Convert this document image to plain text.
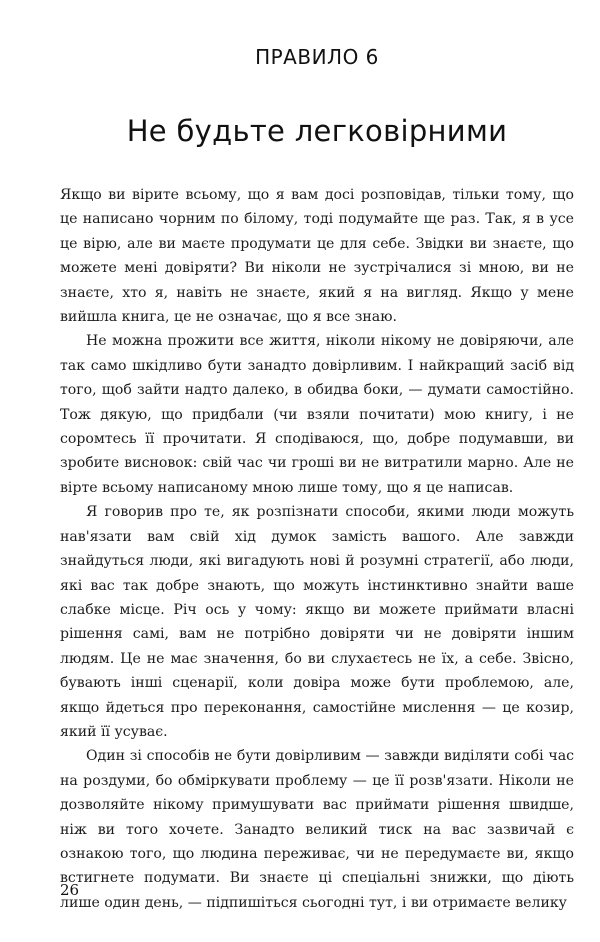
ПРАВИЛО 6
Не будьте легковірними

Якщо ви вірите всьому, що я вам досі розповідав, тільки тому, що це написано чорним по білому, тоді подумайте ще раз. Так, я в усе це вірю, але ви маєте продумати це для себе. Звідки ви знаєте, що можете мені довіряти? Ви ніколи не зустрічалися зі мною, ви не знаєте, хто я, навіть не знаєте, який я на вигляд. Якщо у мене вийшла книга, це не означає, що я все знаю.

Не можна прожити все життя, ніколи нікому не довіряючи, але так само шкідливо бути занадто довірливим. І найкращий засіб від того, щоб зайти надто далеко, в обидва боки, — думати самостійно. Тож дякую, що придбали (чи взяли почитати) мою книгу, і не соромтесь її прочитати. Я сподіваюся, що, добре подумавши, ви зробите висновок: свій час чи гроші ви не витратили марно. Але не вірте всьому написаному мною лише тому, що я це написав.

Я говорив про те, як розпізнати способи, якими люди можуть нав'язати вам свій хід думок замість вашого. Але завжди знайдуться люди, які вигадують нові й розумні стратегії, або люди, які вас так добре знають, що можуть інстинктивно знайти ваше слабке місце. Річ ось у чому: якщо ви можете приймати власні рішення самі, вам не потрібно довіряти чи не довіряти іншим людям. Це не має значення, бо ви слухаєтесь не їх, а себе. Звісно, бувають інші сценарії, коли довіра може бути проблемою, але, якщо йдеться про переконання, самостійне мислення — це козир, який її усуває.

Один зі способів не бути довірливим — завжди виділяти собі час на роздуми, бо обміркувати проблему — це її розв'язати. Ніколи не дозволяйте нікому примушувати вас приймати рішення швидше, ніж ви того хочете. Занадто великий тиск на вас зазвичай є ознакою того, що людина переживає, чи не передумаєте ви, якщо встигнете подумати. Ви знаєте ці спеціальні знижки, що діють лише один день, — підпишіться сьогодні тут, і ви отримаєте велику

26
